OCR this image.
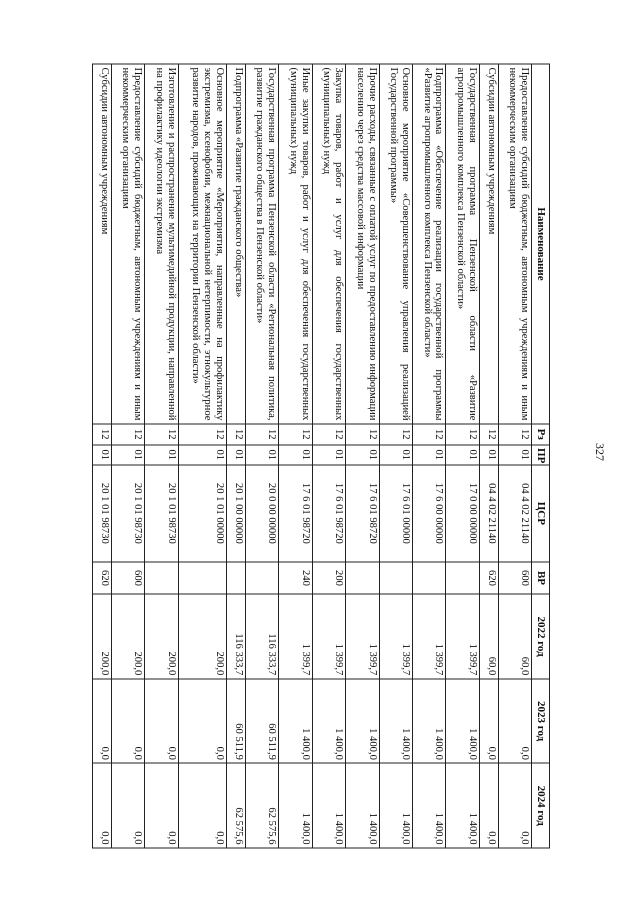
327
Наименование	Рз	ПР	ЦСР	ВР	2022 год	2023 год	2024 год
Предоставление субсидий бюджетным, автономным учреждениям и иным некоммерческим организациям	12	01	04 4 02 21140	600	60,0	0,0	0,0
Субсидии автономным учреждениям	12	01	04 4 02 21140	620	60,0	0,0	0,0
Государственная программа Пензенской области «Развитие агропромышленного комплекса Пензенской области»	12	01	17 0 00 00000		1 399,7	1 400,0	1 400,0
Подпрограмма «Обеспечение реализации государственной программы «Развитие агропромышленного комплекса Пензенской области»	12	01	17 6 00 00000		1 399,7	1 400,0	1 400,0
Основное мероприятие «Совершенствование управления реализацией Государственной программы»	12	01	17 6 01 00000		1 399,7	1 400,0	1 400,0
Прочие расходы, связанные с оплатой услуг по предоставлению информации населению через средства массовой информации	12	01	17 6 01 98720		1 399,7	1 400,0	1 400,0
Закупка товаров, работ и услуг для обеспечения государственных (муниципальных) нужд	12	01	17 6 01 98720	200	1 399,7	1 400,0	1 400,0
Иные закупки товаров, работ и услуг для обеспечения государственных (муниципальных) нужд	12	01	17 6 01 98720	240	1 399,7	1 400,0	1 400,0
Государственная программа Пензенской области «Региональная политика, развитие гражданского общества в Пензенской области»	12	01	20 0 00 00000		116 333,7	60 511,9	62 575,6
Подпрограмма «Развитие гражданского общества»	12	01	20 1 00 00000		116 333,7	60 511,9	62 575,6
Основное мероприятие «Мероприятия, направленные на профилактику экстремизма, ксенофобии, межнациональной нетерпимости, этнокультурное развитие народов, проживающих на территории Пензенской области»	12	01	20 1 01 00000		200,0	0,0	0,0
Изготовление и распространение мультимедийной продукции, направленной на профилактику идеологии экстремизма	12	01	20 1 01 98730		200,0	0,0	0,0
Предоставление субсидий бюджетным, автономным учреждениям и иным некоммерческим организациям	12	01	20 1 01 98730	600	200,0	0,0	0,0
Субсидии автономным учреждениям	12	01	20 1 01 98730	620	200,0	0,0	0,0
